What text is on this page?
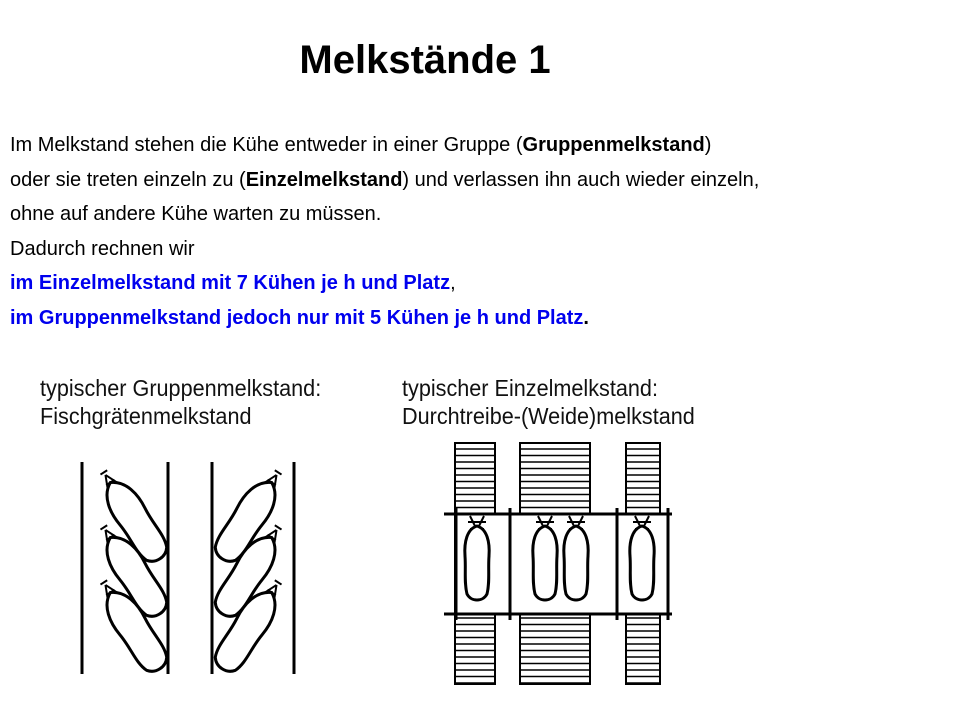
Melkstände 1

Im Melkstand stehen die Kühe entweder in einer Gruppe (Gruppenmelkstand)

oder sie treten einzeln zu (Einzelmelkstand) und verlassen ihn auch wieder einzeln,

ohne auf andere Kühe warten zu müssen.

Dadurch rechnen wir

im Einzelmelkstand mit 7 Kühen je h und Platz,

im Gruppenmelkstand jedoch nur mit 5 Kühen je h und Platz.

typischer Gruppenmelkstand:
Fischgrätenmelkstand
typischer Einzelmelkstand:
Durchtreibe-(Weide)melkstand
